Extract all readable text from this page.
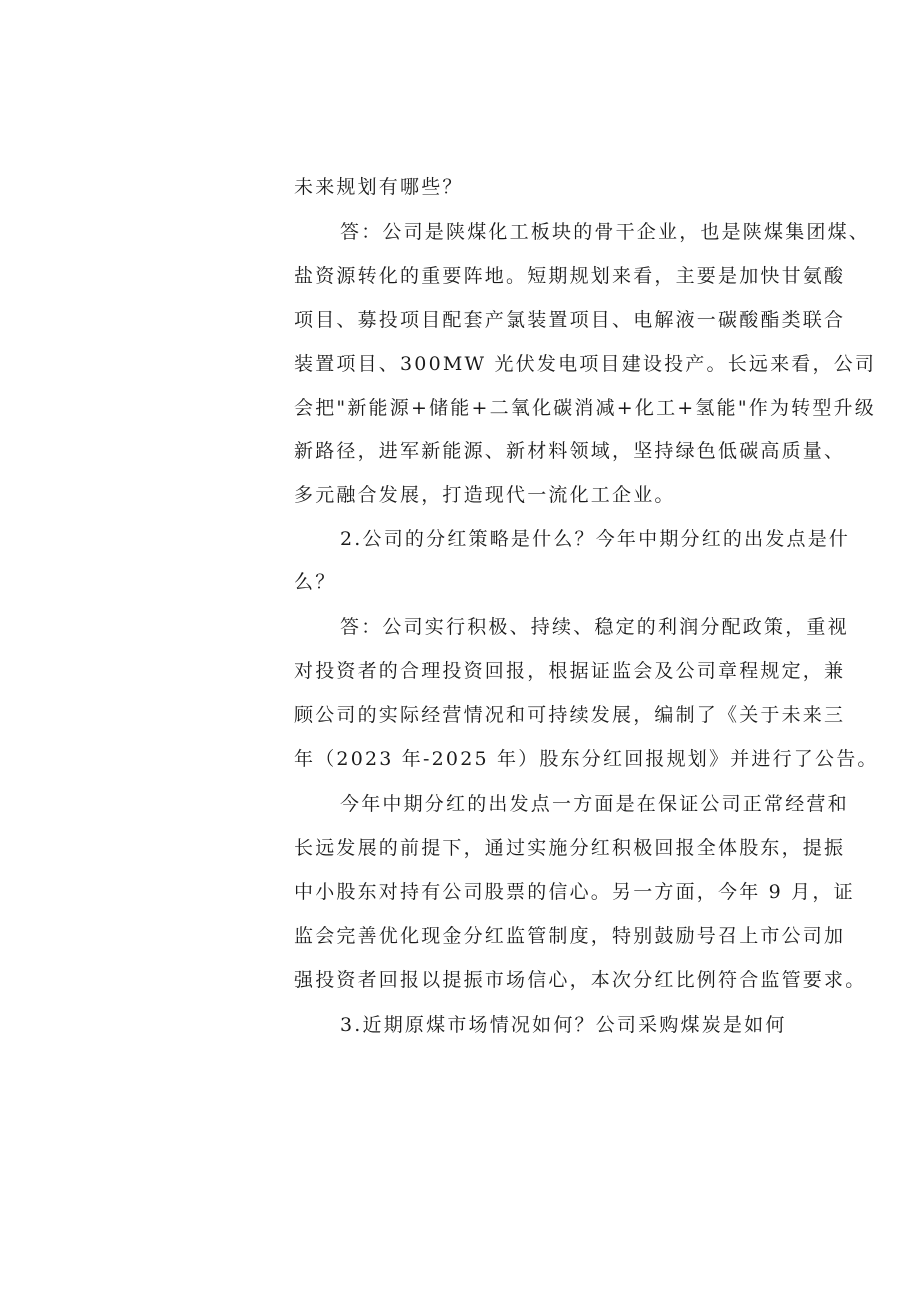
未来规划有哪些？
答：公司是陕煤化工板块的骨干企业，也是陕煤集团煤、
盐资源转化的重要阵地。短期规划来看，主要是加快甘氨酸
项目、募投项目配套产氯装置项目、电解液一碳酸酯类联合
装置项目、300MW 光伏发电项目建设投产。长远来看，公司
会把"新能源+储能+二氧化碳消减+化工+氢能"作为转型升级
新路径，进军新能源、新材料领域，坚持绿色低碳高质量、
多元融合发展，打造现代一流化工企业。
2.公司的分红策略是什么？今年中期分红的出发点是什
么？
答：公司实行积极、持续、稳定的利润分配政策，重视
对投资者的合理投资回报，根据证监会及公司章程规定，兼
顾公司的实际经营情况和可持续发展，编制了《关于未来三
年（2023 年-2025 年）股东分红回报规划》并进行了公告。
今年中期分红的出发点一方面是在保证公司正常经营和
长远发展的前提下，通过实施分红积极回报全体股东，提振
中小股东对持有公司股票的信心。另一方面，今年 9 月，证
监会完善优化现金分红监管制度，特别鼓励号召上市公司加
强投资者回报以提振市场信心，本次分红比例符合监管要求。
3.近期原煤市场情况如何？公司采购煤炭是如何
